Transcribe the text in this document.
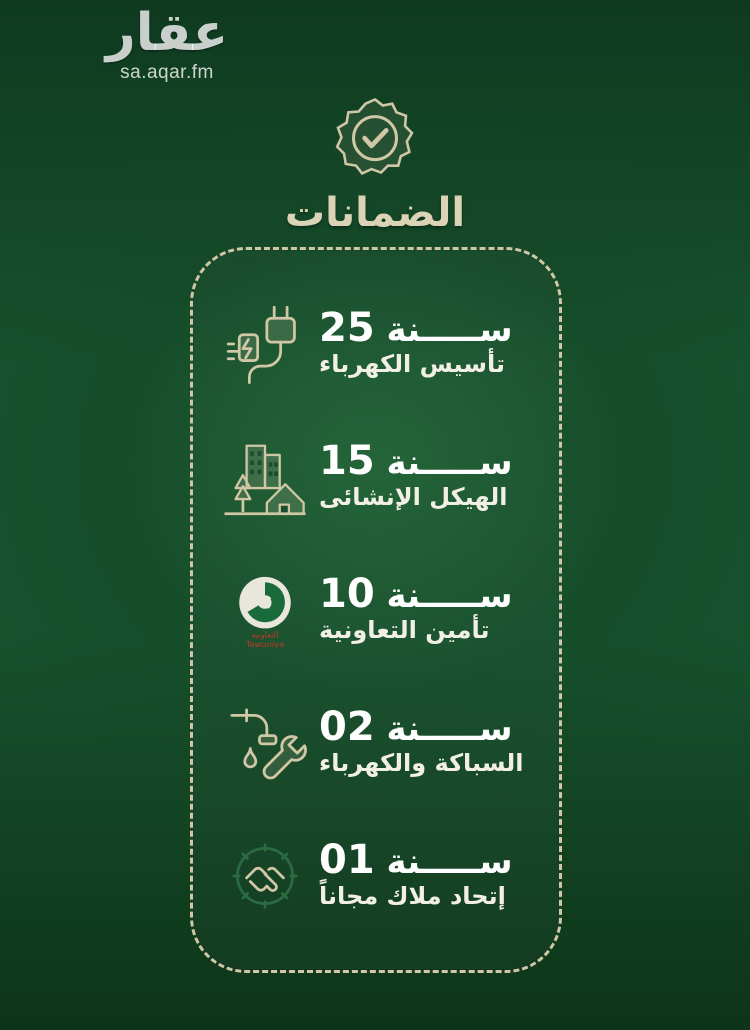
عقار
sa.aqar.fm
الضمانات
ســـــنة 25
تأسيس الكهرباء
ســـــنة 15
الهيكل الإنشائى
ســـــنة 10
تأمين التعاونية
التعاونية
Tawuniya
ســـــنة 02
السباكة والكهرباء
ســـــنة 01
إتحاد ملاك مجاناً
